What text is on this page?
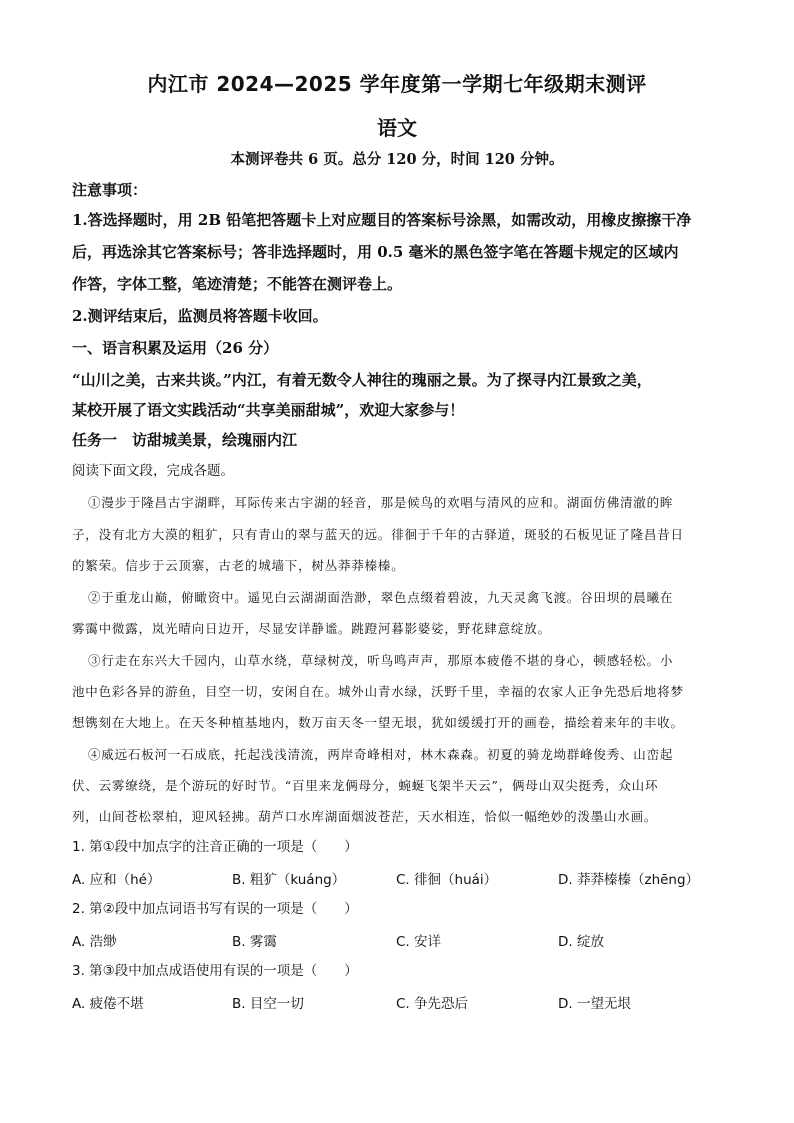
内江市 2024—2025 学年度第一学期七年级期末测评
语文
本测评卷共 6 页。总分 120 分，时间 120 分钟。
注意事项：
1.答选择题时，用 2B 铅笔把答题卡上对应题目的答案标号涂黑，如需改动，用橡皮擦擦干净
后，再选涂其它答案标号；答非选择题时，用 0.5 毫米的黑色签字笔在答题卡规定的区域内
作答，字体工整，笔迹清楚；不能答在测评卷上。
2.测评结束后，监测员将答题卡收回。
一、语言积累及运用（26 分）
“山川之美，古来共谈。”内江，有着无数令人神往的瑰丽之景。为了探寻内江景致之美，
某校开展了语文实践活动“共享美丽甜城”，欢迎大家参与！
任务一　访甜城美景，绘瑰丽内江
阅读下面文段，完成各题。
①漫步于隆昌古宇湖畔，耳际传来古宇湖的轻音，那是候鸟的欢唱与清风的应和。湖面仿佛清澈的眸
子，没有北方大漠的粗犷，只有青山的翠与蓝天的远。徘徊于千年的古驿道，斑驳的石板见证了隆昌昔日
的繁荣。信步于云顶寨，古老的城墙下，树丛莽莽榛榛。
②于重龙山巅，俯瞰资中。遥见白云湖湖面浩渺，翠色点缀着碧波，九天灵禽飞渡。谷田坝的晨曦在
雾霭中微露，岚光晴向日边开，尽显安详静谧。跳蹬河暮影婆娑，野花肆意绽放。
③行走在东兴大千园内，山草水绕，草绿树茂，听鸟鸣声声，那原本疲倦不堪的身心，顿感轻松。小
池中色彩各异的游鱼，目空一切，安闲自在。城外山青水绿，沃野千里，幸福的农家人正争先恐后地将梦
想镌刻在大地上。在天冬种植基地内，数万亩天冬一望无垠，犹如缓缓打开的画卷，描绘着来年的丰收。
④威远石板河一石成底，托起浅浅清流，两岸奇峰相对，林木森森。初夏的骑龙坳群峰俊秀、山峦起
伏、云雾缭绕，是个游玩的好时节。“百里来龙俩母分，蜿蜒飞架半天云”，俩母山双尖挺秀，众山环
列，山间苍松翠柏，迎风轻拂。葫芦口水库湖面烟波苍茫，天水相连，恰似一幅绝妙的泼墨山水画。
1. 第①段中加点字的注音正确的一项是（　　）
A. 应和（hé）	B. 粗犷（kuáng）	C. 徘徊（huái）	D. 莽莽榛榛（zhēng）
2. 第②段中加点词语书写有误的一项是（　　）
A. 浩缈	B. 雾霭	C. 安详	D. 绽放
3. 第③段中加点成语使用有误的一项是（　　）
A. 疲倦不堪	B. 目空一切	C. 争先恐后	D. 一望无垠
